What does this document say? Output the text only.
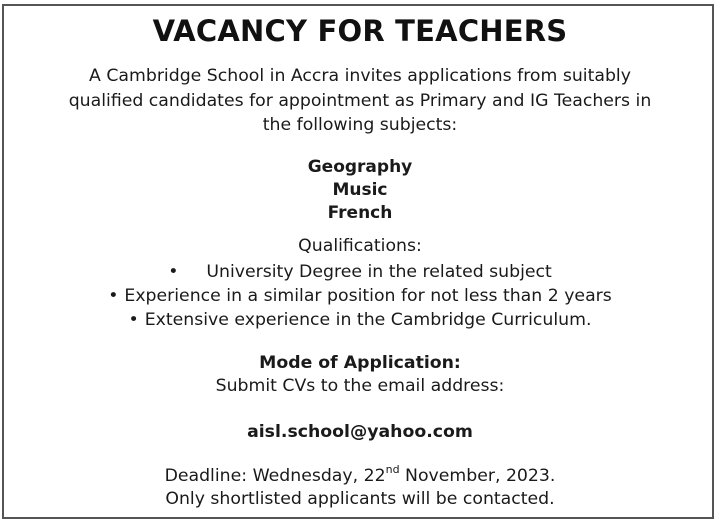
VACANCY FOR TEACHERS
A Cambridge School in Accra invites applications from suitably
qualified candidates for appointment as Primary and IG Teachers in
the following subjects:
Geography
Music
French
Qualifications:
• University Degree in the related subject
• Experience in a similar position for not less than 2 years
• Extensive experience in the Cambridge Curriculum.
Mode of Application:
Submit CVs to the email address:
aisl.school@yahoo.com
Deadline: Wednesday, 22nd November, 2023.
Only shortlisted applicants will be contacted.
